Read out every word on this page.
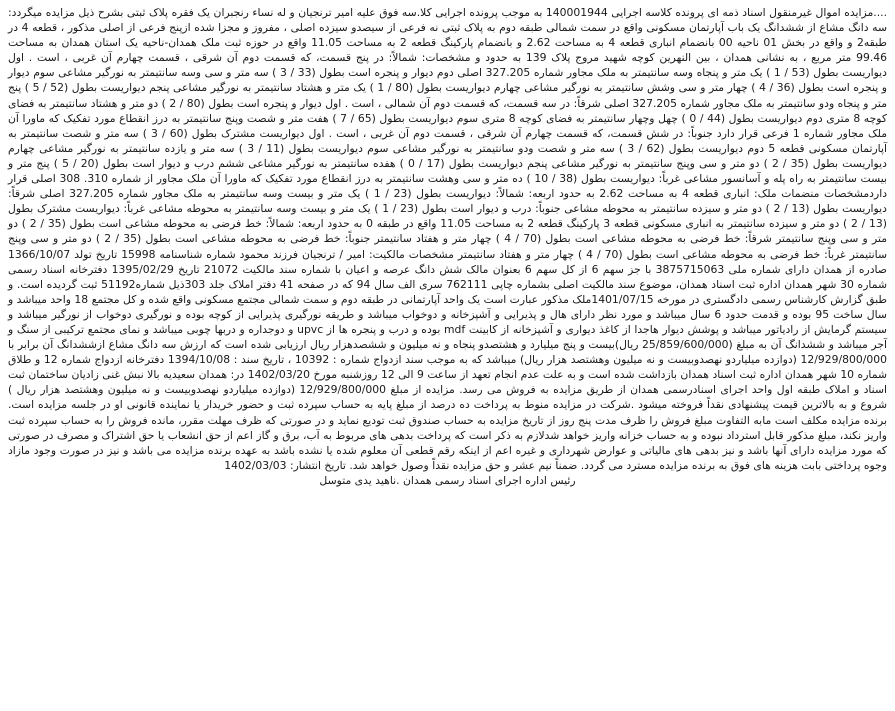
....مزایده اموال غیرمنقول اسناد ذمه ای پرونده کلاسه اجرایی 140001944 به موجب پرونده اجرایی کلا.سه فوق علیه امیر ترنجیان و له نساء رنجبران یک فقره پلاک ثبتی بشرح ذیل مزایده میگردد: سه دانگ مشاع از ششدانگ یک باب آپارتمان مسکونی واقع در سمت شمالی طبقه دوم به پلاک ثبتی نه فرعی از سیصدو سیزده اصلی ، مفروز و مجزا شده ازپنج فرعی از اصلی مذکور ، قطعه 4 در طبقه2 و واقع در بخش 01 ناحیه 00 بانضمام انباری قطعه 4 به مساحت 2.62 و بانضمام پارکینگ قطعه 2 به مساحت 11.05 واقع در حوزه ثبت ملک همدان-ناحیه یک استان همدان به مساحت 99.46 متر مربع ، به نشانی همدان ، بین النهرین کوچه شهید مروج پلاک 139 به حدود و مشخصات: شمالاً: در پنج قسمت، که قسمت دوم آن شرقی ، قسمت چهارم آن غربی ، است . اول دیواریست بطول (53 / 1 ) یک متر و پنجاه وسه سانتیمتر به ملک مجاور شماره 327.205 اصلی دوم دیوار و پنجره است بطول (33 / 3 ) سه متر و سی وسه سانتیمتر به نورگیر مشاعی سوم دیوار و پنجره است بطول (36 / 4 ) چهار متر و سی وشش سانتیمتر به نورگیر مشاعی چهارم دیواریست بطول (80 / 1 ) یک متر و هشتاد سانتیمتر به نورگیر مشاعی پنجم دیواریست بطول (52 / 5 ) پنج متر و پنجاه ودو سانتیمتر به ملک مجاور شماره 327.205 اصلی شرقاً: در سه قسمت، که قسمت دوم آن شمالی ، است . اول دیوار و پنجره است بطول (80 / 2 ) دو متر و هشتاد سانتیمتر به فضای کوچه 8 متری دوم دیواریست بطول (44 / 0 ) چهل وچهار سانتیمتر به فضای کوچه 8 متری سوم دیواریست بطول (65 / 7 ) هفت متر و شصت وپنج سانتیمتر به درز انقطاع مورد تفکیک که ماورا آن ملک مجاور شماره 1 فرعی قرار دارد جنوباً: در شش قسمت، که قسمت چهارم آن شرقی ، قسمت دوم آن غربی ، است . اول دیواریست مشترک بطول (60 / 3 ) سه متر و شصت سانتیمتر به آپارتمان مسکونی قطعه 5 دوم دیواریست بطول (62 / 3 ) سه متر و شصت ودو سانتیمتر به نورگیر مشاعی سوم دیواریست بطول (11 / 3 ) سه متر و یازده سانتیمتر به نورگیر مشاعی چهارم دیواریست بطول (35 / 2 ) دو متر و سی وپنج سانتیمتر به نورگیر مشاعی پنجم دیواریست بطول (17 / 0 ) هفده سانتیمتر به نورگیر مشاعی ششم درب و دیوار است بطول (20 / 5 ) پنج متر و بیست سانتیمتر به راه پله و آسانسور مشاعی غرباً: دیواریست بطول (38 / 10 ) ده متر و سی وهشت سانتیمتر به درز انقطاع مورد تفکیک که ماورا آن ملک مجاور از شماره 310. 308 اصلی قرار داردمشخصات منضمات ملک: انباری قطعه 4 به مساحت 2.62 به حدود اربعه: شمالاً: دیواریست بطول (23 / 1 ) یک متر و بیست وسه سانتیمتر به ملک مجاور شماره 327.205 اصلی شرقاً: دیواریست بطول (13 / 2 ) دو متر و سیزده سانتیمتر به محوطه مشاعی جنوباً: درب و دیوار است بطول (23 / 1 ) یک متر و بیست وسه سانتیمتر به محوطه مشاعی غرباً: دیواریست مشترک بطول (13 / 2 ) دو متر و سیزده سانتیمتر به انباری مسکونی قطعه 3 پارکینگ قطعه 2 به مساحت 11.05 واقع در طبقه 0 به حدود اربعه: شمالاً: خط فرضی به محوطه مشاعی است بطول (35 / 2 ) دو متر و سی وپنج سانتیمتر شرقاً: خط فرضی به محوطه مشاعی است بطول (70 / 4 ) چهار متر و هفتاد سانتیمتر جنوباً: خط فرضی به محوطه مشاعی است بطول (35 / 2 ) دو متر و سی وپنج سانتیمتر غرباً: خط فرضی به محوطه مشاعی است بطول (70 / 4 ) چهار متر و هفتاد سانتیمتر مشخصات مالکیت: امیر / ترنجیان فرزند محمود شماره شناسنامه 15998 تاریخ تولد 1366/10/07 صادره از همدان دارای شماره ملی 3875715063 با جز سهم 6 از کل سهم 6 بعنوان مالک شش دانگ عرصه و اعیان با شماره سند مالکیت 21072 تاریخ 1395/02/29 دفترخانه اسناد رسمی شماره 30 شهر همدان اداره ثبت اسناد همدان، موضوع سند مالکیت اصلی بشماره چاپی 762111 سری الف سال 94 که در صفحه 41 دفتر املاک جلد 303ذیل شماره51192 ثبت گردیده است. و طبق گزارش کارشناس رسمی دادگستری در مورخه 1401/07/15ملک مذکور عبارت است یک واحد آپارتمانی در طبقه دوم و سمت شمالی مجتمع مسکونی واقع شده و کل مجتمع 18 واحد میباشد و سال ساخت 95 بوده و قدمت حدود 6 سال میباشد و مورد نظر دارای هال و پذیرایی و آشپزخانه و دوخواب میباشد و طریقه نورگیری پذیرایی از کوچه بوده و نورگیری دوخواب از نورگیر میباشد و سیستم گرمایش از رادیاتور میباشد و پوشش دیوار هاجدا از کاغذ دیواری و آشپزخانه از کابینت mdf بوده و درب و پنجره ها از upvc و دوجداره و دربها چوبی میباشد و نمای مجتمع ترکیبی از سنگ و آجر میباشد و ششدانگ آن به مبلغ (25/859/600/000 ریال)بیست و پنج میلیارد و هشتصدو پنجاه و نه میلیون و ششصدهزار ریال ارزیابی شده است که ارزش سه دانگ مشاع ازششدانگ آن برابر با 12/929/800/000 (دوازده میلیاردو نهصدوبیست و نه میلیون وهشتصد هزار ریال) میباشد که به موجب سند ازدواج شماره : 10392 ، تاریخ سند : 1394/10/08 دفترخانه ازدواج شماره 12 و طلاق شماره 10 شهر همدان اداره ثبت اسناد همدان بازداشت شده است و به علت عدم انجام تعهد از ساعت 9 الی 12 روزشنبه مورخ 1402/03/20 در: همدان سعیدیه بالا نبش غنی زادیان ساختمان ثبت اسناد و املاک طبقه اول واحد اجرای اسنادرسمی همدان از طریق مزایده به فروش می رسد. مزایده از مبلغ 12/929/800/000 (دوازده میلیاردو نهصدوبیست و نه میلیون وهشتصد هزار ریال ) شروع و به بالاترین قیمت پیشنهادی نقداً فروخته میشود .شرکت در مزایده منوط به پرداخت ده درصد از مبلغ پایه به حساب سپرده ثبت و حضور خریدار یا نماینده قانونی او در جلسه مزایده است. برنده مزایده مکلف است مابه التفاوت مبلغ فروش را ظرف مدت پنج روز از تاریخ مزایده به حساب صندوق ثبت تودیع نماید و در صورتی که ظرف مهلت مقرر، مانده فروش را به حساب سپرده ثبت واریز نکند، مبلغ مذکور قابل استرداد نبوده و به حساب خزانه واریز خواهد شدلازم به ذکر است که پرداخت بدهی های مربوط به آب، برق و گاز اعم از حق انشعاب یا حق اشتراک و مصرف در صورتی که مورد مزایده دارای آنها باشد و نیز بدهی های مالیاتی و عوارض شهرداری و غیره اعم از اینکه رقم قطعی آن معلوم شده یا نشده باشد به عهده برنده مزایده می باشد و نیز در صورت وجود مازاد وجوه پرداختی بابت هزینه های فوق به برنده مزایده مسترد می گردد. ضمناً نیم عشر و حق مزایده نقداً وصول خواهد شد. تاریخ انتشار: 1402/03/03

رئیس اداره اجرای اسناد رسمی همدان .ناهید یدی متوسل
